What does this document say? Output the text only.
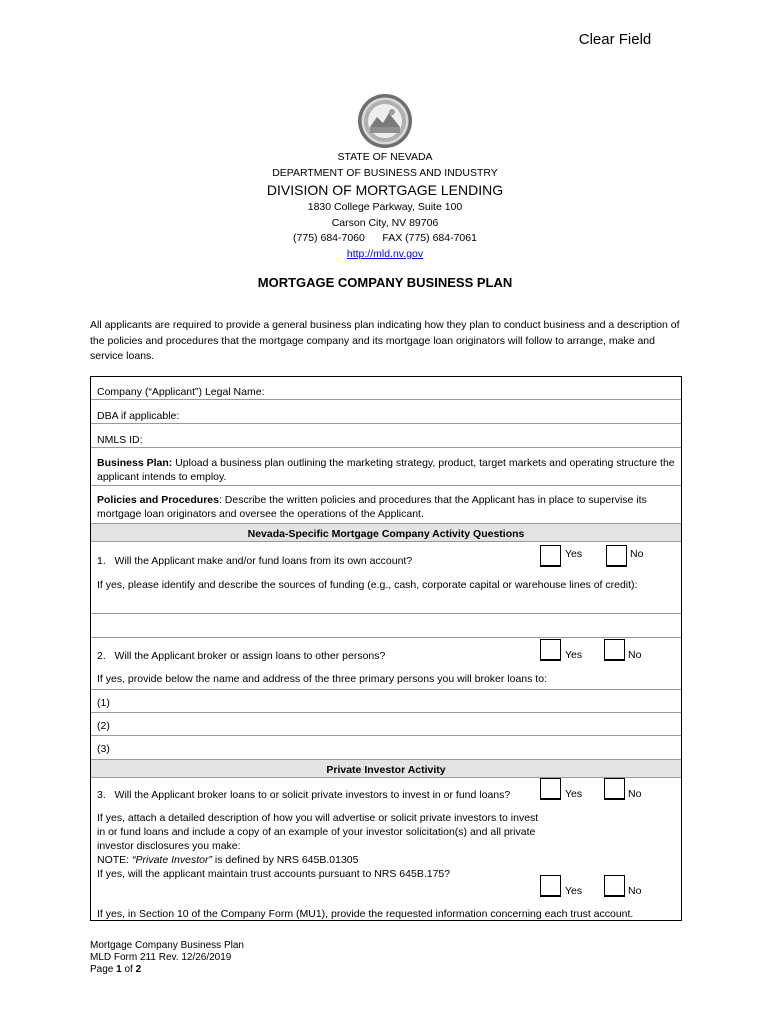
Clear Field
STATE OF NEVADA
DEPARTMENT OF BUSINESS AND INDUSTRY
DIVISION OF MORTGAGE LENDING
1830 College Parkway, Suite 100
Carson City, NV 89706
(775) 684-7060 FAX (775) 684-7061
http://mld.nv.gov
MORTGAGE COMPANY BUSINESS PLAN
All applicants are required to provide a general business plan indicating how they plan to conduct business and a description of the policies and procedures that the mortgage company and its mortgage loan originators will follow to arrange, make and service loans.
Company (“Applicant”) Legal Name:
DBA if applicable:
NMLS ID:
Business Plan: Upload a business plan outlining the marketing strategy, product, target markets and operating structure the applicant intends to employ.
Policies and Procedures: Describe the written policies and procedures that the Applicant has in place to supervise its mortgage loan originators and oversee the operations of the Applicant.
Nevada-Specific Mortgage Company Activity Questions
1. Will the Applicant make and/or fund loans from its own account?
If yes, please identify and describe the sources of funding (e.g., cash, corporate capital or warehouse lines of credit):
2. Will the Applicant broker or assign loans to other persons?
If yes, provide below the name and address of the three primary persons you will broker loans to:
(1)
(2)
(3)
Private Investor Activity
3. Will the Applicant broker loans to or solicit private investors to invest in or fund loans?
If yes, attach a detailed description of how you will advertise or solicit private investors to invest
in or fund loans and include a copy of an example of your investor solicitation(s) and all private
investor disclosures you make:
NOTE: “Private Investor” is defined by NRS 645B.01305
If yes, will the applicant maintain trust accounts pursuant to NRS 645B.175?
If yes, in Section 10 of the Company Form (MU1), provide the requested information concerning each trust account.
Yes	No
Yes	No
Yes	No
Yes	No
Mortgage Company Business Plan
MLD Form 211 Rev. 12/26/2019
Page 1 of 2
